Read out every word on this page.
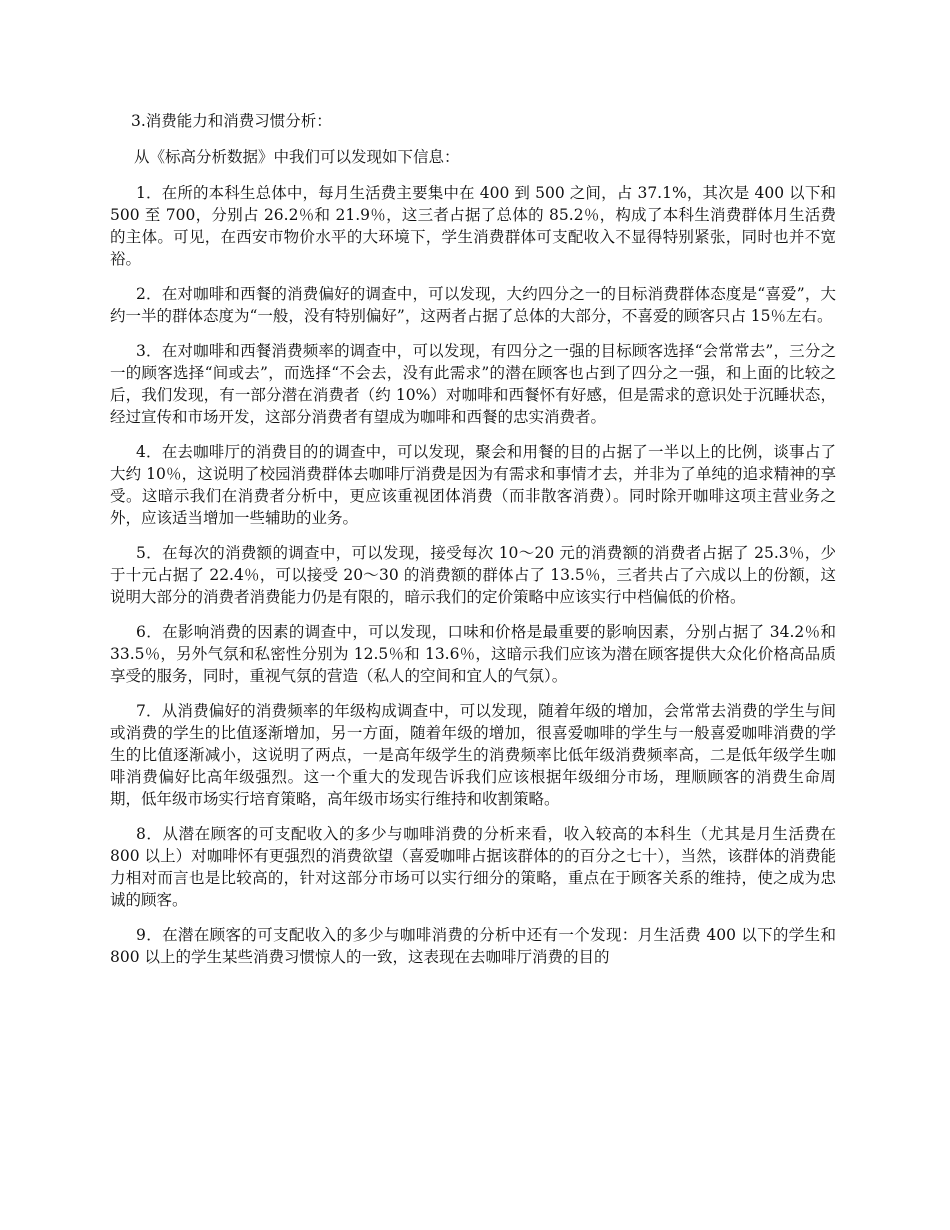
3.消费能力和消费习惯分析：

从《标高分析数据》中我们可以发现如下信息：

1．在所的本科生总体中，每月生活费主要集中在 400 到 500 之间，占 37.1%，其次是 400 以下和 500 至 700，分别占 26.2％和 21.9％，这三者占据了总体的 85.2％，构成了本科生消费群体月生活费的主体。可见，在西安市物价水平的大环境下，学生消费群体可支配收入不显得特别紧张，同时也并不宽裕。

2．在对咖啡和西餐的消费偏好的调查中，可以发现，大约四分之一的目标消费群体态度是“喜爱”，大约一半的群体态度为“一般，没有特别偏好”，这两者占据了总体的大部分，不喜爱的顾客只占 15％左右。

3．在对咖啡和西餐消费频率的调查中，可以发现，有四分之一强的目标顾客选择“会常常去”，三分之一的顾客选择“间或去”，而选择“不会去，没有此需求”的潜在顾客也占到了四分之一强，和上面的比较之后，我们发现，有一部分潜在消费者（约 10%）对咖啡和西餐怀有好感，但是需求的意识处于沉睡状态，经过宣传和市场开发，这部分消费者有望成为咖啡和西餐的忠实消费者。

4．在去咖啡厅的消费目的的调查中，可以发现，聚会和用餐的目的占据了一半以上的比例，谈事占了大约 10％，这说明了校园消费群体去咖啡厅消费是因为有需求和事情才去，并非为了单纯的追求精神的享受。这暗示我们在消费者分析中，更应该重视团体消费（而非散客消费）。同时除开咖啡这项主营业务之外，应该适当增加一些辅助的业务。

5．在每次的消费额的调查中，可以发现，接受每次 10～20 元的消费额的消费者占据了 25.3％，少于十元占据了 22.4％，可以接受 20～30 的消费额的群体占了 13.5％，三者共占了六成以上的份额，这说明大部分的消费者消费能力仍是有限的，暗示我们的定价策略中应该实行中档偏低的价格。

6．在影响消费的因素的调查中，可以发现，口味和价格是最重要的影响因素，分别占据了 34.2％和 33.5％，另外气氛和私密性分别为 12.5％和 13.6％，这暗示我们应该为潜在顾客提供大众化价格高品质享受的服务，同时，重视气氛的营造（私人的空间和宜人的气氛）。

7．从消费偏好的消费频率的年级构成调查中，可以发现，随着年级的增加，会常常去消费的学生与间或消费的学生的比值逐渐增加，另一方面，随着年级的增加，很喜爱咖啡的学生与一般喜爱咖啡消费的学生的比值逐渐减小，这说明了两点，一是高年级学生的消费频率比低年级消费频率高，二是低年级学生咖啡消费偏好比高年级强烈。这一个重大的发现告诉我们应该根据年级细分市场，理顺顾客的消费生命周期，低年级市场实行培育策略，高年级市场实行维持和收割策略。

8．从潜在顾客的可支配收入的多少与咖啡消费的分析来看，收入较高的本科生（尤其是月生活费在 800 以上）对咖啡怀有更强烈的消费欲望（喜爱咖啡占据该群体的的百分之七十），当然，该群体的消费能力相对而言也是比较高的，针对这部分市场可以实行细分的策略，重点在于顾客关系的维持，使之成为忠诚的顾客。

9．在潜在顾客的可支配收入的多少与咖啡消费的分析中还有一个发现：月生活费 400 以下的学生和 800 以上的学生某些消费习惯惊人的一致，这表现在去咖啡厅消费的目的
